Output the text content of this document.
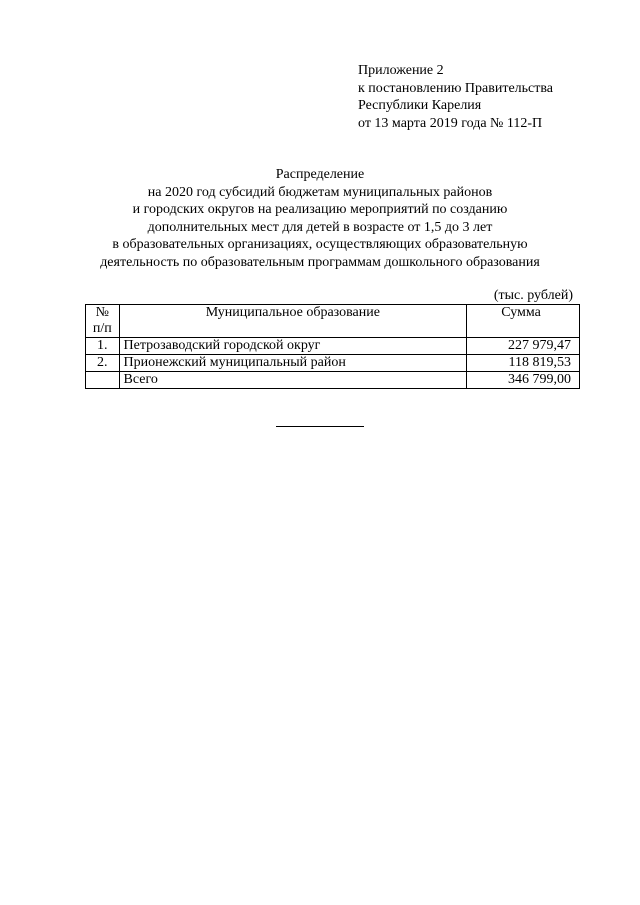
Приложение 2
к постановлению Правительства
Республики Карелия
от 13 марта 2019 года № 112-П
Распределение
на 2020 год субсидий бюджетам муниципальных районов
и городских округов на реализацию мероприятий по созданию
дополнительных мест для детей в возрасте от 1,5 до 3 лет
в образовательных организациях, осуществляющих образовательную
деятельность по образовательным программам дошкольного образования
(тыс. рублей)
№
п/п	Муниципальное образование	Сумма
1.	Петрозаводский городской округ	227 979,47
2.	Прионежский муниципальный район	118 819,53
	Всего	346 799,00
